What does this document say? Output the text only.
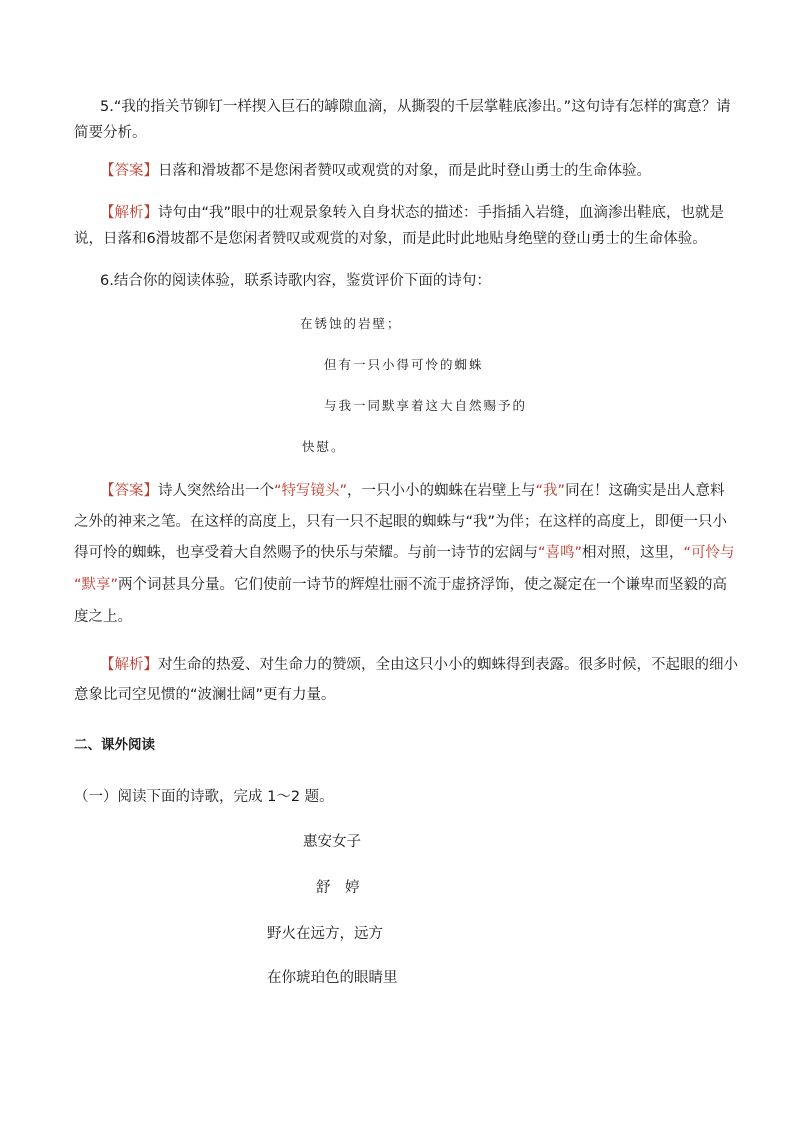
5.“我的指关节铆钉一样揳入巨石的罅隙血滴，从撕裂的千层掌鞋底渗出。”这句诗有怎样的寓意？请

简要分析。

【答案】日落和滑坡都不是您闲者赞叹或观赏的对象，而是此时登山勇士的生命体验。

【解析】诗句由“我”眼中的壮观景象转入自身状态的描述：手指插入岩缝，血滴渗出鞋底，也就是

说，日落和6滑坡都不是您闲者赞叹或观赏的对象，而是此时此地贴身绝壁的登山勇士的生命体验。

6.结合你的阅读体验，联系诗歌内容，鉴赏评价下面的诗句：

在锈蚀的岩壁；

但有一只小得可怜的蜘蛛

与我一同默享着这大自然赐予的

快慰。

【答案】诗人突然给出一个“特写镜头”，一只小小的蜘蛛在岩壁上与“我”同在！这确实是出人意料

之外的神来之笔。在这样的高度上，只有一只不起眼的蜘蛛与“我”为伴；在这样的高度上，即便一只小

得可怜的蜘蛛，也享受着大自然赐予的快乐与荣耀。与前一诗节的宏阔与“喜鸣”相对照，这里，“可怜与

“默享”两个词甚具分量。它们使前一诗节的辉煌壮丽不流于虚挤浮饰，使之凝定在一个谦卑而坚毅的高

度之上。

【解析】对生命的热爱、对生命力的赞颂，全由这只小小的蜘蛛得到表露。很多时候，不起眼的细小

意象比司空见惯的“波澜壮阔”更有力量。

二、课外阅读

（一）阅读下面的诗歌，完成 1～2 题。

惠安女子

舒　婷

野火在远方，远方

在你琥珀色的眼睛里
